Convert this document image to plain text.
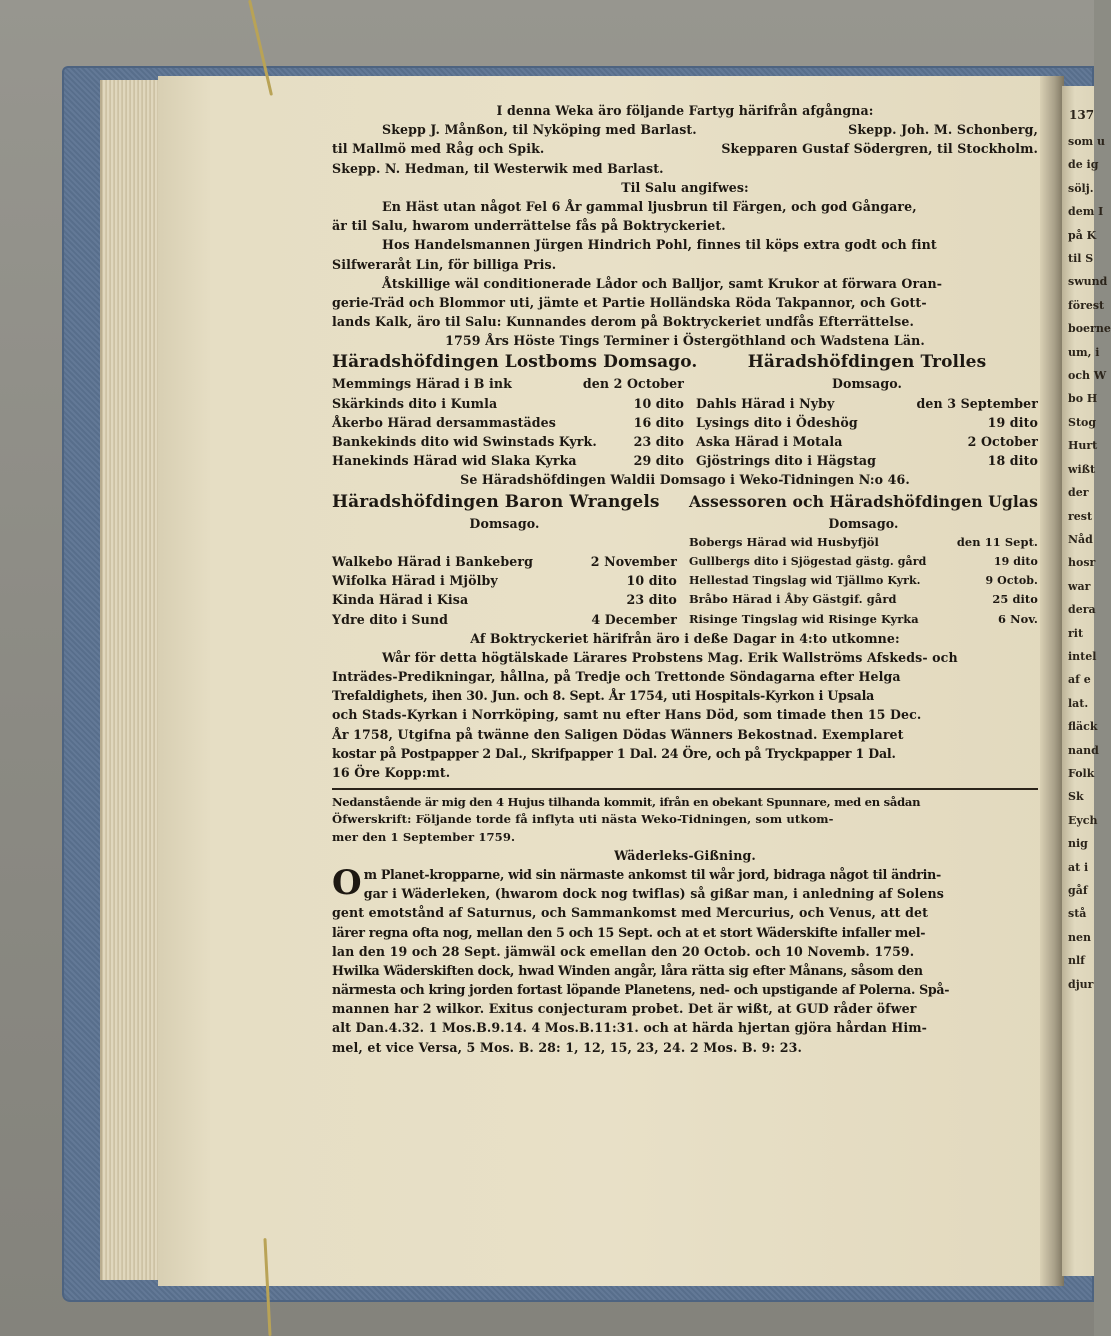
137
som u
de ig
sölj.
dem I
på K
til S
swund
förest
boerne
um, i
och W
bo H
Stog
Hurt
wißt
der
rest
Nåd
hosr
war
dera
rit
intel
af e
lat.
fläck
nand
Folk
Sk
Eych
nig
at i
gåf
stå
nen
nlf
djur
I denna Weka äro följande Fartyg härifrån afgångna:
Skepp J. Månßon, til Nyköping med Barlast.	Skepp. Joh. M. Schonberg,
til Mallmö med Råg och Spik.	Skepparen Gustaf Södergren, til Stockholm.
Skepp. N. Hedman, til Westerwik med Barlast.
Til Salu angifwes:
En Häst utan något Fel 6 År gammal ljusbrun til Färgen, och god Gångare,
är til Salu, hwarom underrättelse fås på Boktryckeriet.
Hos Handelsmannen Jürgen Hindrich Pohl, finnes til köps extra godt och fint
Silfweraråt Lin, för billiga Pris.
Åtskillige wäl conditionerade Lådor och Balljor, samt Krukor at förwara Oran-
gerie-Träd och Blommor uti, jämte et Partie Holländska Röda Takpannor, och Gott-
lands Kalk, äro til Salu: Kunnandes derom på Boktryckeriet undfås Efterrättelse.
1759 Års Höste Tings Terminer i Östergöthland och Wadstena Län.
Häradshöfdingen Lostboms Domsago.
Memmings Härad i B ink	den 2 October
Skärkinds dito i Kumla	10 dito
Åkerbo Härad dersammastädes	16 dito
Bankekinds dito wid Swinstads Kyrk.	23 dito
Hanekinds Härad wid Slaka Kyrka	29 dito
Häradshöfdingen Trolles
Domsago.
Dahls Härad i Nyby	den 3 September
Lysings dito i Ödeshög	19 dito
Aska Härad i Motala	2 October
Gjöstrings dito i Hägstag	18 dito
Se Häradshöfdingen Waldii Domsago i Weko-Tidningen N:o 46.
Häradshöfdingen Baron Wrangels
Domsago.
Walkebo Härad i Bankeberg	2 November
Wifolka Härad i Mjölby	10 dito
Kinda Härad i Kisa	23 dito
Ydre dito i Sund	4 December
Assessoren och Häradshöfdingen Uglas
Domsago.
Bobergs Härad wid Husbyfjöl	den 11 Sept.
Gullbergs dito i Sjögestad gästg. gård	19 dito
Hellestad Tingslag wid Tjällmo Kyrk.	9 Octob.
Bråbo Härad i Åby Gästgif. gård	25 dito
Risinge Tingslag wid Risinge Kyrka	6 Nov.
Af Boktryckeriet härifrån äro i deße Dagar in 4:to utkomne:
Wår för detta högtälskade Lärares Probstens Mag. Erik Wallströms Afskeds- och
Inträdes-Predikningar, hållna, på Tredje och Trettonde Söndagarna efter Helga
Trefaldighets, ihen 30. Jun. och 8. Sept. År 1754, uti Hospitals-Kyrkon i Upsala
och Stads-Kyrkan i Norrköping, samt nu efter Hans Död, som timade then 15 Dec.
År 1758, Utgifna på twänne den Saligen Dödas Wänners Bekostnad. Exemplaret
kostar på Postpapper 2 Dal., Skrifpapper 1 Dal. 24 Öre, och på Tryckpapper 1 Dal.
16 Öre Kopp:mt.
Nedanstående är mig den 4 Hujus tilhanda kommit, ifrån en obekant Spunnare, med en sådan
Öfwerskrift: Följande torde få inflyta uti nästa Weko-Tidningen, som utkom-
mer den 1 September 1759.
Wäderleks-Gißning.
O m Planet-kropparne, wid sin närmaste ankomst til wår jord, bidraga något til ändrin-
gar i Wäderleken, (hwarom dock nog twiflas) så gißar man, i anledning af Solens
gent emotstånd af Saturnus, och Sammankomst med Mercurius, och Venus, att det
lärer regna ofta nog, mellan den 5 och 15 Sept. och at et stort Wäderskifte infaller mel-
lan den 19 och 28 Sept. jämwäl ock emellan den 20 Octob. och 10 Novemb. 1759.
Hwilka Wäderskiften dock, hwad Winden angår, låra rätta sig efter Månans, såsom den
närmesta och kring jorden fortast löpande Planetens, ned- och upstigande af Polerna. Spå-
mannen har 2 wilkor. Exitus conjecturam probet. Det är wißt, at GUD råder öfwer
alt Dan.4.32. 1 Mos.B.9.14. 4 Mos.B.11:31. och at härda hjertan gjöra hårdan Him-
mel, et vice Versa, 5 Mos. B. 28: 1, 12, 15, 23, 24. 2 Mos. B. 9: 23.
